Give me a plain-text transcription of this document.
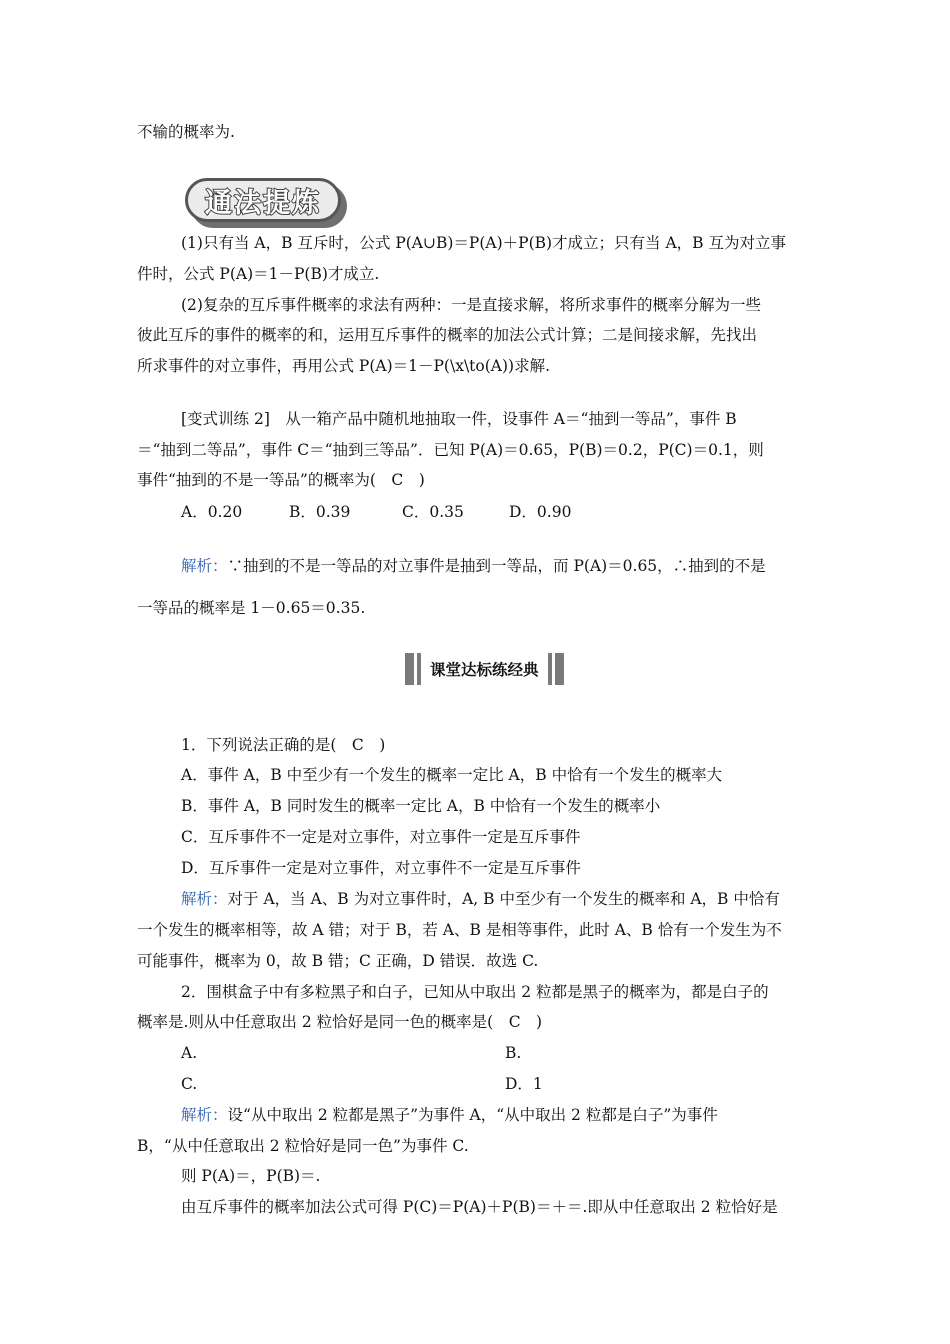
不输的概率为.
通法提炼
(1)只有当 A，B 互斥时，公式 P(A∪B)＝P(A)＋P(B)才成立；只有当 A，B 互为对立事
件时，公式 P(A)＝1－P(B)才成立.
(2)复杂的互斥事件概率的求法有两种：一是直接求解，将所求事件的概率分解为一些
彼此互斥的事件的概率的和，运用互斥事件的概率的加法公式计算；二是间接求解，先找出
所求事件的对立事件，再用公式 P(A)＝1－P(\x\to(A))求解.
[变式训练 2]　从一箱产品中随机地抽取一件，设事件 A＝“抽到一等品”，事件 B
＝“抽到二等品”，事件 C＝“抽到三等品”．已知 P(A)＝0.65，P(B)＝0.2，P(C)＝0.1，则
事件“抽到的不是一等品”的概率为(　C　)
A．0.20	B．0.39	C．0.35	D．0.90
解析：∵抽到的不是一等品的对立事件是抽到一等品，而 P(A)＝0.65，∴抽到的不是
一等品的概率是 1－0.65＝0.35.
课堂达标练经典
1．下列说法正确的是(　C　)
A．事件 A，B 中至少有一个发生的概率一定比 A，B 中恰有一个发生的概率大
B．事件 A，B 同时发生的概率一定比 A，B 中恰有一个发生的概率小
C．互斥事件不一定是对立事件，对立事件一定是互斥事件
D．互斥事件一定是对立事件，对立事件不一定是互斥事件
解析：对于 A，当 A、B 为对立事件时，A, B 中至少有一个发生的概率和 A，B 中恰有
一个发生的概率相等，故 A 错；对于 B，若 A、B 是相等事件，此时 A、B 恰有一个发生为不
可能事件，概率为 0，故 B 错；C 正确，D 错误．故选 C.
2．围棋盒子中有多粒黑子和白子，已知从中取出 2 粒都是黑子的概率为，都是白子的
概率是.则从中任意取出 2 粒恰好是同一色的概率是(　C　)
A.	B.
C.	D．1
解析：设“从中取出 2 粒都是黑子”为事件 A，“从中取出 2 粒都是白子”为事件
B，“从中任意取出 2 粒恰好是同一色”为事件 C.
则 P(A)＝，P(B)＝.
由互斥事件的概率加法公式可得 P(C)＝P(A)＋P(B)＝＋＝.即从中任意取出 2 粒恰好是
